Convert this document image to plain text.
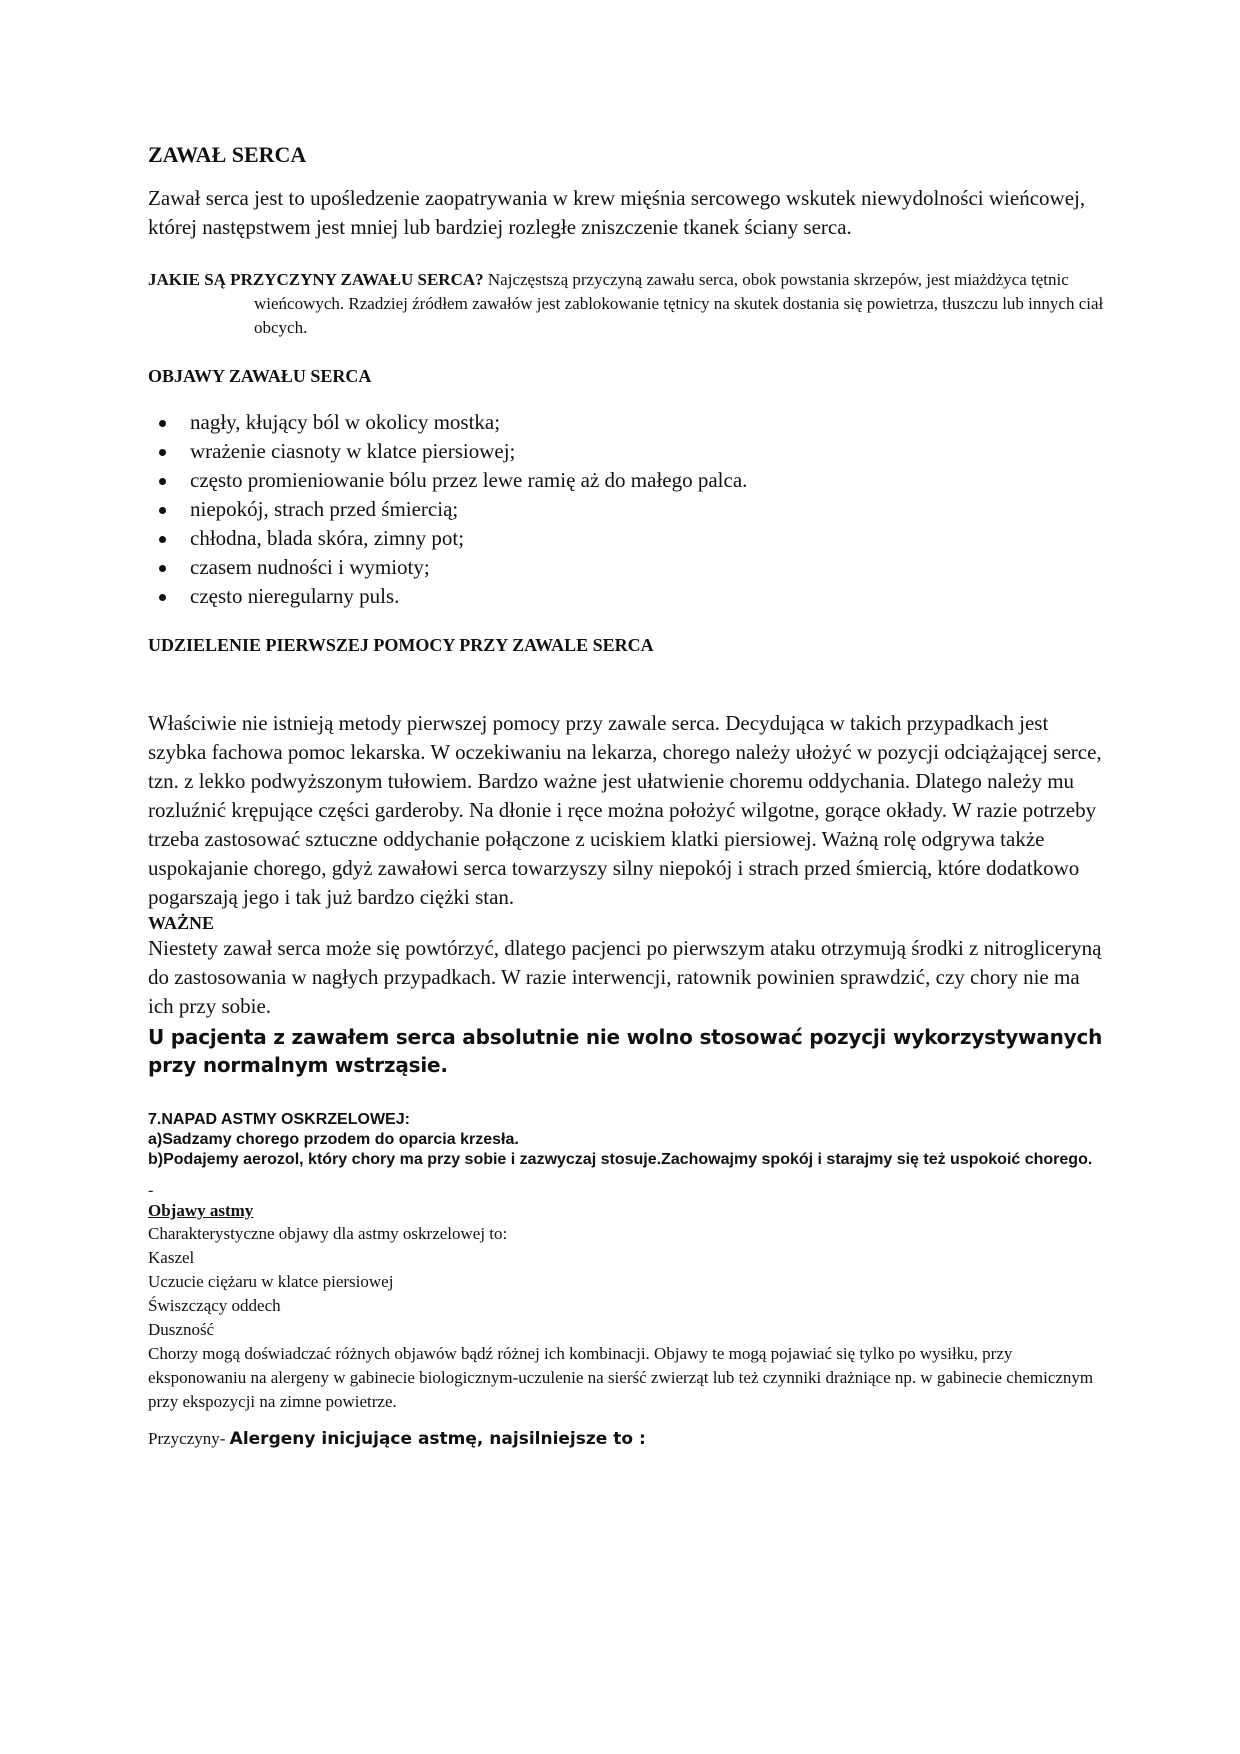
ZAWAŁ SERCA

Zawał serca jest to upośledzenie zaopatrywania w krew mięśnia sercowego wskutek niewydolności wieńcowej, której następstwem jest mniej lub bardziej rozległe zniszczenie tkanek ściany serca.

JAKIE SĄ PRZYCZYNY ZAWAŁU SERCA? Najczęstszą przyczyną zawału serca, obok powstania skrzepów, jest miażdżyca tętnic wieńcowych. Rzadziej źródłem zawałów jest zablokowanie tętnicy na skutek dostania się powietrza, tłuszczu lub innych ciał obcych.

OBJAWY ZAWAŁU SERCA
nagły, kłujący ból w okolicy mostka;
wrażenie ciasnoty w klatce piersiowej;
często promieniowanie bólu przez lewe ramię aż do małego palca.
niepokój, strach przed śmiercią;
chłodna, blada skóra, zimny pot;
czasem nudności i wymioty;
często nieregularny puls.
UDZIELENIE PIERWSZEJ POMOCY PRZY ZAWALE SERCA

Właściwie nie istnieją metody pierwszej pomocy przy zawale serca. Decydująca w takich przypadkach jest szybka fachowa pomoc lekarska. W oczekiwaniu na lekarza, chorego należy ułożyć w pozycji odciążającej serce, tzn. z lekko podwyższonym tułowiem. Bardzo ważne jest ułatwienie choremu oddychania. Dlatego należy mu rozluźnić krępujące części garderoby. Na dłonie i ręce można położyć wilgotne, gorące okłady. W razie potrzeby trzeba zastosować sztuczne oddychanie połączone z uciskiem klatki piersiowej. Ważną rolę odgrywa także uspokajanie chorego, gdyż zawałowi serca towarzyszy silny niepokój i strach przed śmiercią, które dodatkowo pogarszają jego i tak już bardzo ciężki stan.

WAŻNE

Niestety zawał serca może się powtórzyć, dlatego pacjenci po pierwszym ataku otrzymują środki z nitrogliceryną do zastosowania w nagłych przypadkach. W razie interwencji, ratownik powinien sprawdzić, czy chory nie ma ich przy sobie.

U pacjenta z zawałem serca absolutnie nie wolno stosować pozycji wykorzystywanych przy normalnym wstrząsie.

7.NAPAD ASTMY OSKRZELOWEJ:

a)Sadzamy chorego przodem do oparcia krzesła.

b)Podajemy aerozol, który chory ma przy sobie i zazwyczaj stosuje.Zachowajmy spokój i starajmy się też uspokoić chorego.

-

Objawy astmy

Charakterystyczne objawy dla astmy oskrzelowej to:

Kaszel

Uczucie ciężaru w klatce piersiowej

Świszczący oddech

Duszność

Chorzy mogą doświadczać różnych objawów bądź różnej ich kombinacji. Objawy te mogą pojawiać się tylko po wysiłku, przy eksponowaniu na alergeny w gabinecie biologicznym-uczulenie na sierść zwierząt lub też czynniki drażniące np. w gabinecie chemicznym przy ekspozycji na zimne powietrze.

Przyczyny- Alergeny inicjujące astmę, najsilniejsze to :
